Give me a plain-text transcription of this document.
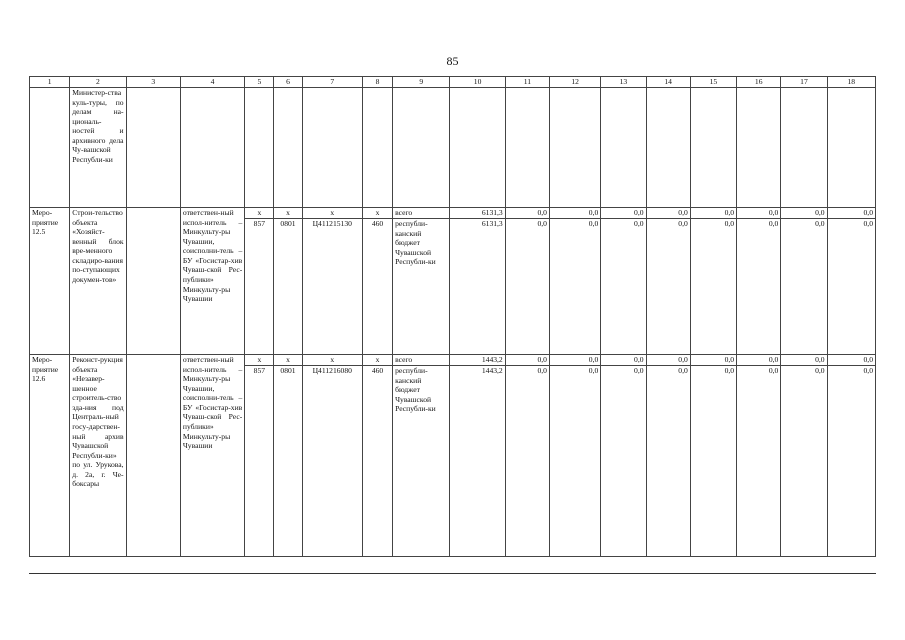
85
1	2	3	4	5	6	7	8	9	10	11	12	13	14	15	16	17	18
	Министер-ства куль-туры, по делам на-циональ-ностей и архивного дела Чу-вашской Республи-ки																
Меро-приятие 12.5	Строи-тельство объекта «Хозяйст-венный блок вре-менного складиро-вания по-ступающих докумен-тов»		ответствен-ный испол-нитель – Минкульту-ры Чувашии, соисполни-тель – БУ «Госистар-хив Чуваш-ской Рес-публики» Минкульту-ры Чувашии	x	x	x	x	всего	6131,3	0,0	0,0	0,0	0,0	0,0	0,0	0,0	0,0
				857	0801	Ц411215130	460	республи-канский бюджет Чувашской Республи-ки	6131,3	0,0	0,0	0,0	0,0	0,0	0,0	0,0	0,0
Меро-приятие 12.6	Реконст-рукция объекта «Незавер-шенное строитель-ство зда-ния под Централь-ный госу-дарствен-ный архив Чувашской Республи-ки» по ул. Урукова, д. 2а, г. Че-боксары		ответствен-ный испол-нитель – Минкульту-ры Чувашии, соисполни-тель – БУ «Госистар-хив Чуваш-ской Рес-публики» Минкульту-ры Чувашии	x	x	x	x	всего	1443,2	0,0	0,0	0,0	0,0	0,0	0,0	0,0	0,0
				857	0801	Ц411216080	460	республи-канский бюджет Чувашской Республи-ки	1443,2	0,0	0,0	0,0	0,0	0,0	0,0	0,0	0,0
